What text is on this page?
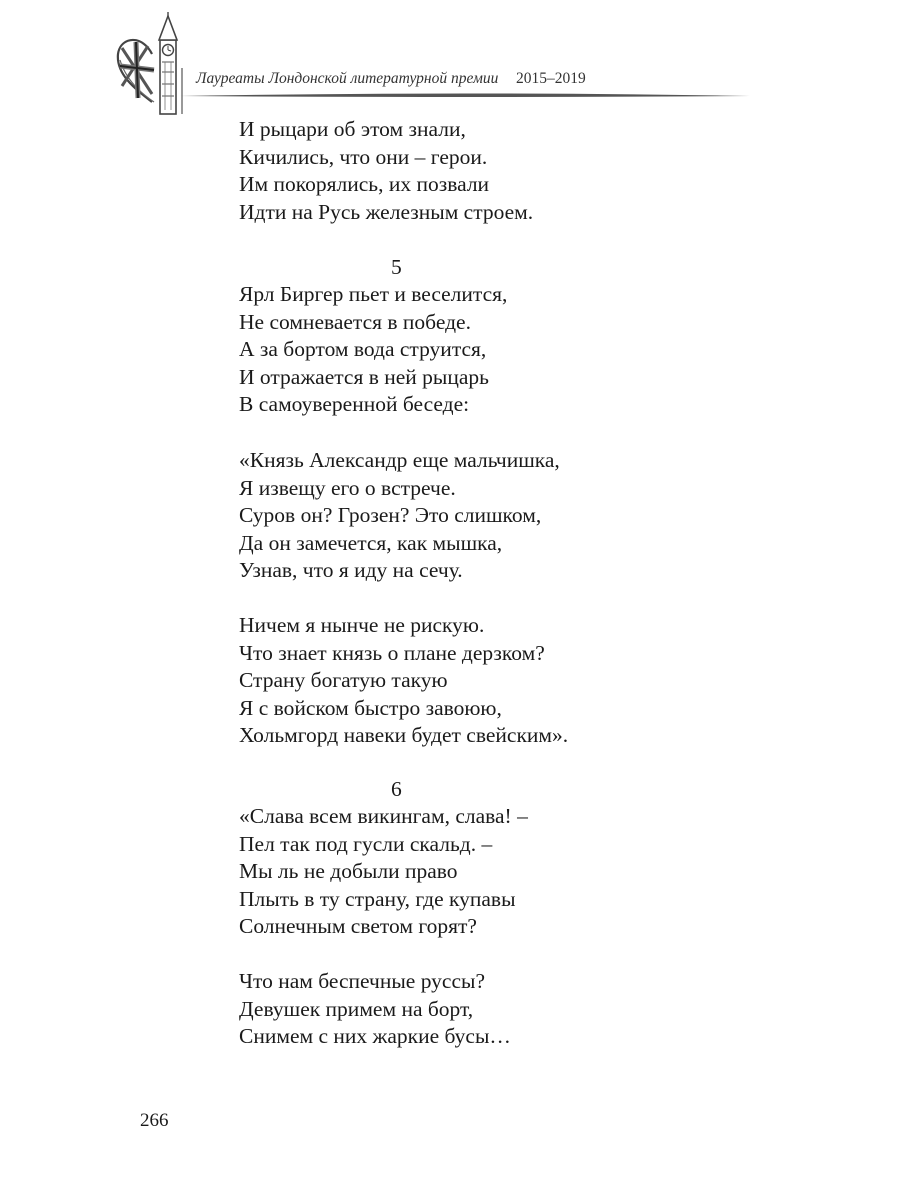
Лауреаты Лондонской литературной премии 2015–2019
И рыцари об этом знали,
Кичились, что они – герои.
Им покорялись, их позвали
Идти на Русь железным строем.
5
Ярл Биргер пьет и веселится,
Не сомневается в победе.
А за бортом вода струится,
И отражается в ней рыцарь
В самоуверенной беседе:
«Князь Александр еще мальчишка,
Я извещу его о встрече.
Суров он? Грозен? Это слишком,
Да он замечется, как мышка,
Узнав, что я иду на сечу.
Ничем я нынче не рискую.
Что знает князь о плане дерзком?
Страну богатую такую
Я с войском быстро завоюю,
Хольмгорд навеки будет свейским».
6
«Слава всем викингам, слава! –
Пел так под гусли скальд. –
Мы ль не добыли право
Плыть в ту страну, где купавы
Солнечным светом горят?
Что нам беспечные руссы?
Девушек примем на борт,
Снимем с них жаркие бусы…
266
